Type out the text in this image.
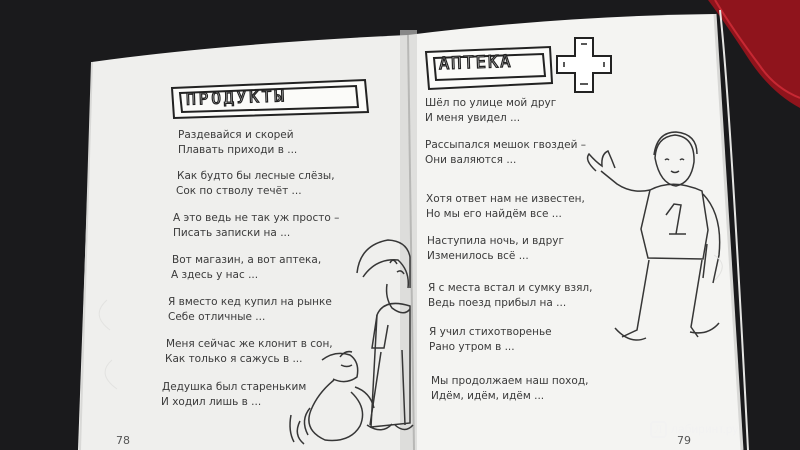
ПРОДУКТЫ
Раздевайся и скорей
Плавать приходи в ...
Как будто бы лесные слёзы,
Сок по стволу течёт ...
А это ведь не так уж просто –
Писать записки на ...
Вот магазин, а вот аптека,
А здесь у нас ...
Я вместо кед купил на рынке
Себе отличные ...
Меня сейчас же клонит в сон,
Как только я сажусь в ...
Дедушка был стареньким
И ходил лишь в ...
78
АПТЕКА
Шёл по улице мой друг
И меня увидел ...
Рассыпался мешок гвоздей –
Они валяются ...
Хотя ответ нам не известен,
Но мы его найдём все ...
Наступила ночь, и вдруг
Изменилось всё ...
Я с места встал и сумку взял,
Ведь поезд прибыл на ...
Я учил стихотворенье
Рано утром в ...
Мы продолжаем наш поход,
Идём, идём, идём ...
79
Л лабиринт.ру
